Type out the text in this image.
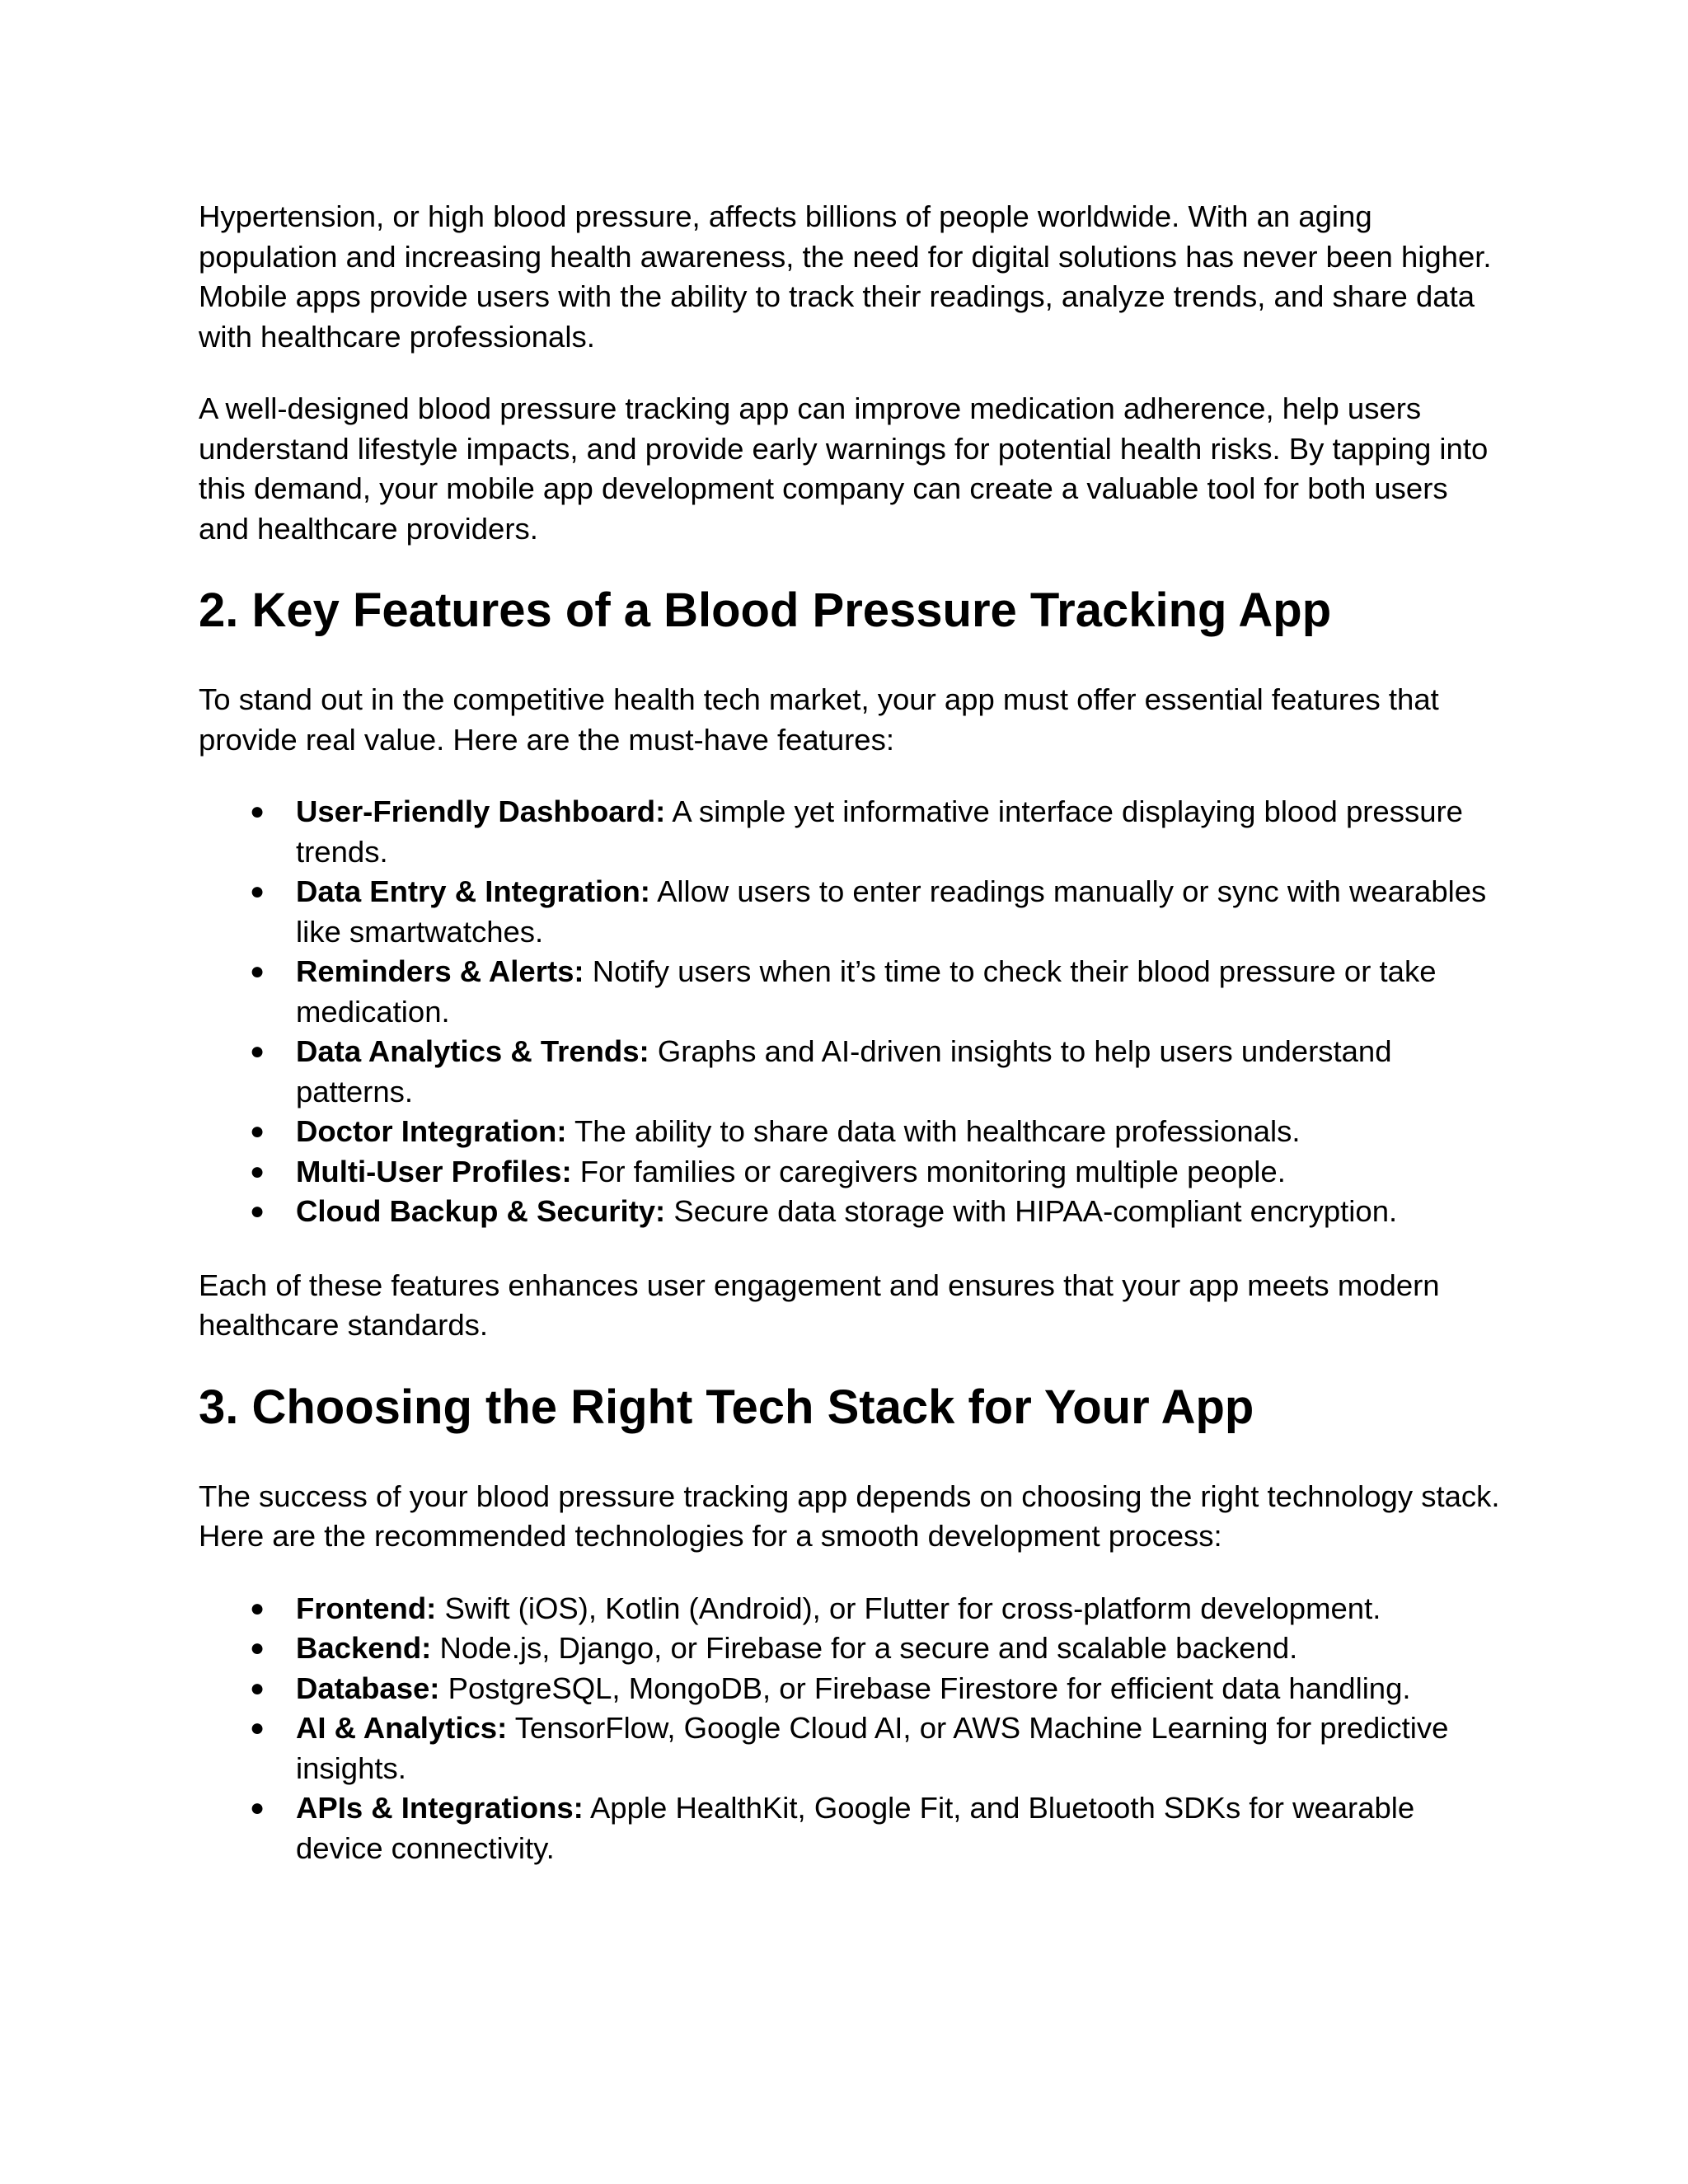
Hypertension, or high blood pressure, affects billions of people worldwide. With an aging population and increasing health awareness, the need for digital solutions has never been higher. Mobile apps provide users with the ability to track their readings, analyze trends, and share data with healthcare professionals.

A well-designed blood pressure tracking app can improve medication adherence, help users understand lifestyle impacts, and provide early warnings for potential health risks. By tapping into this demand, your mobile app development company can create a valuable tool for both users and healthcare providers.

2. Key Features of a Blood Pressure Tracking App

To stand out in the competitive health tech market, your app must offer essential features that provide real value. Here are the must-have features:

● User-Friendly Dashboard: A simple yet informative interface displaying blood pressure trends.
● Data Entry & Integration: Allow users to enter readings manually or sync with wearables like smartwatches.
● Reminders & Alerts: Notify users when it’s time to check their blood pressure or take medication.
● Data Analytics & Trends: Graphs and AI-driven insights to help users understand patterns.
● Doctor Integration: The ability to share data with healthcare professionals.
● Multi-User Profiles: For families or caregivers monitoring multiple people.
● Cloud Backup & Security: Secure data storage with HIPAA-compliant encryption.

Each of these features enhances user engagement and ensures that your app meets modern healthcare standards.

3. Choosing the Right Tech Stack for Your App

The success of your blood pressure tracking app depends on choosing the right technology stack. Here are the recommended technologies for a smooth development process:

● Frontend: Swift (iOS), Kotlin (Android), or Flutter for cross-platform development.
● Backend: Node.js, Django, or Firebase for a secure and scalable backend.
● Database: PostgreSQL, MongoDB, or Firebase Firestore for efficient data handling.
● AI & Analytics: TensorFlow, Google Cloud AI, or AWS Machine Learning for predictive insights.
● APIs & Integrations: Apple HealthKit, Google Fit, and Bluetooth SDKs for wearable device connectivity.
